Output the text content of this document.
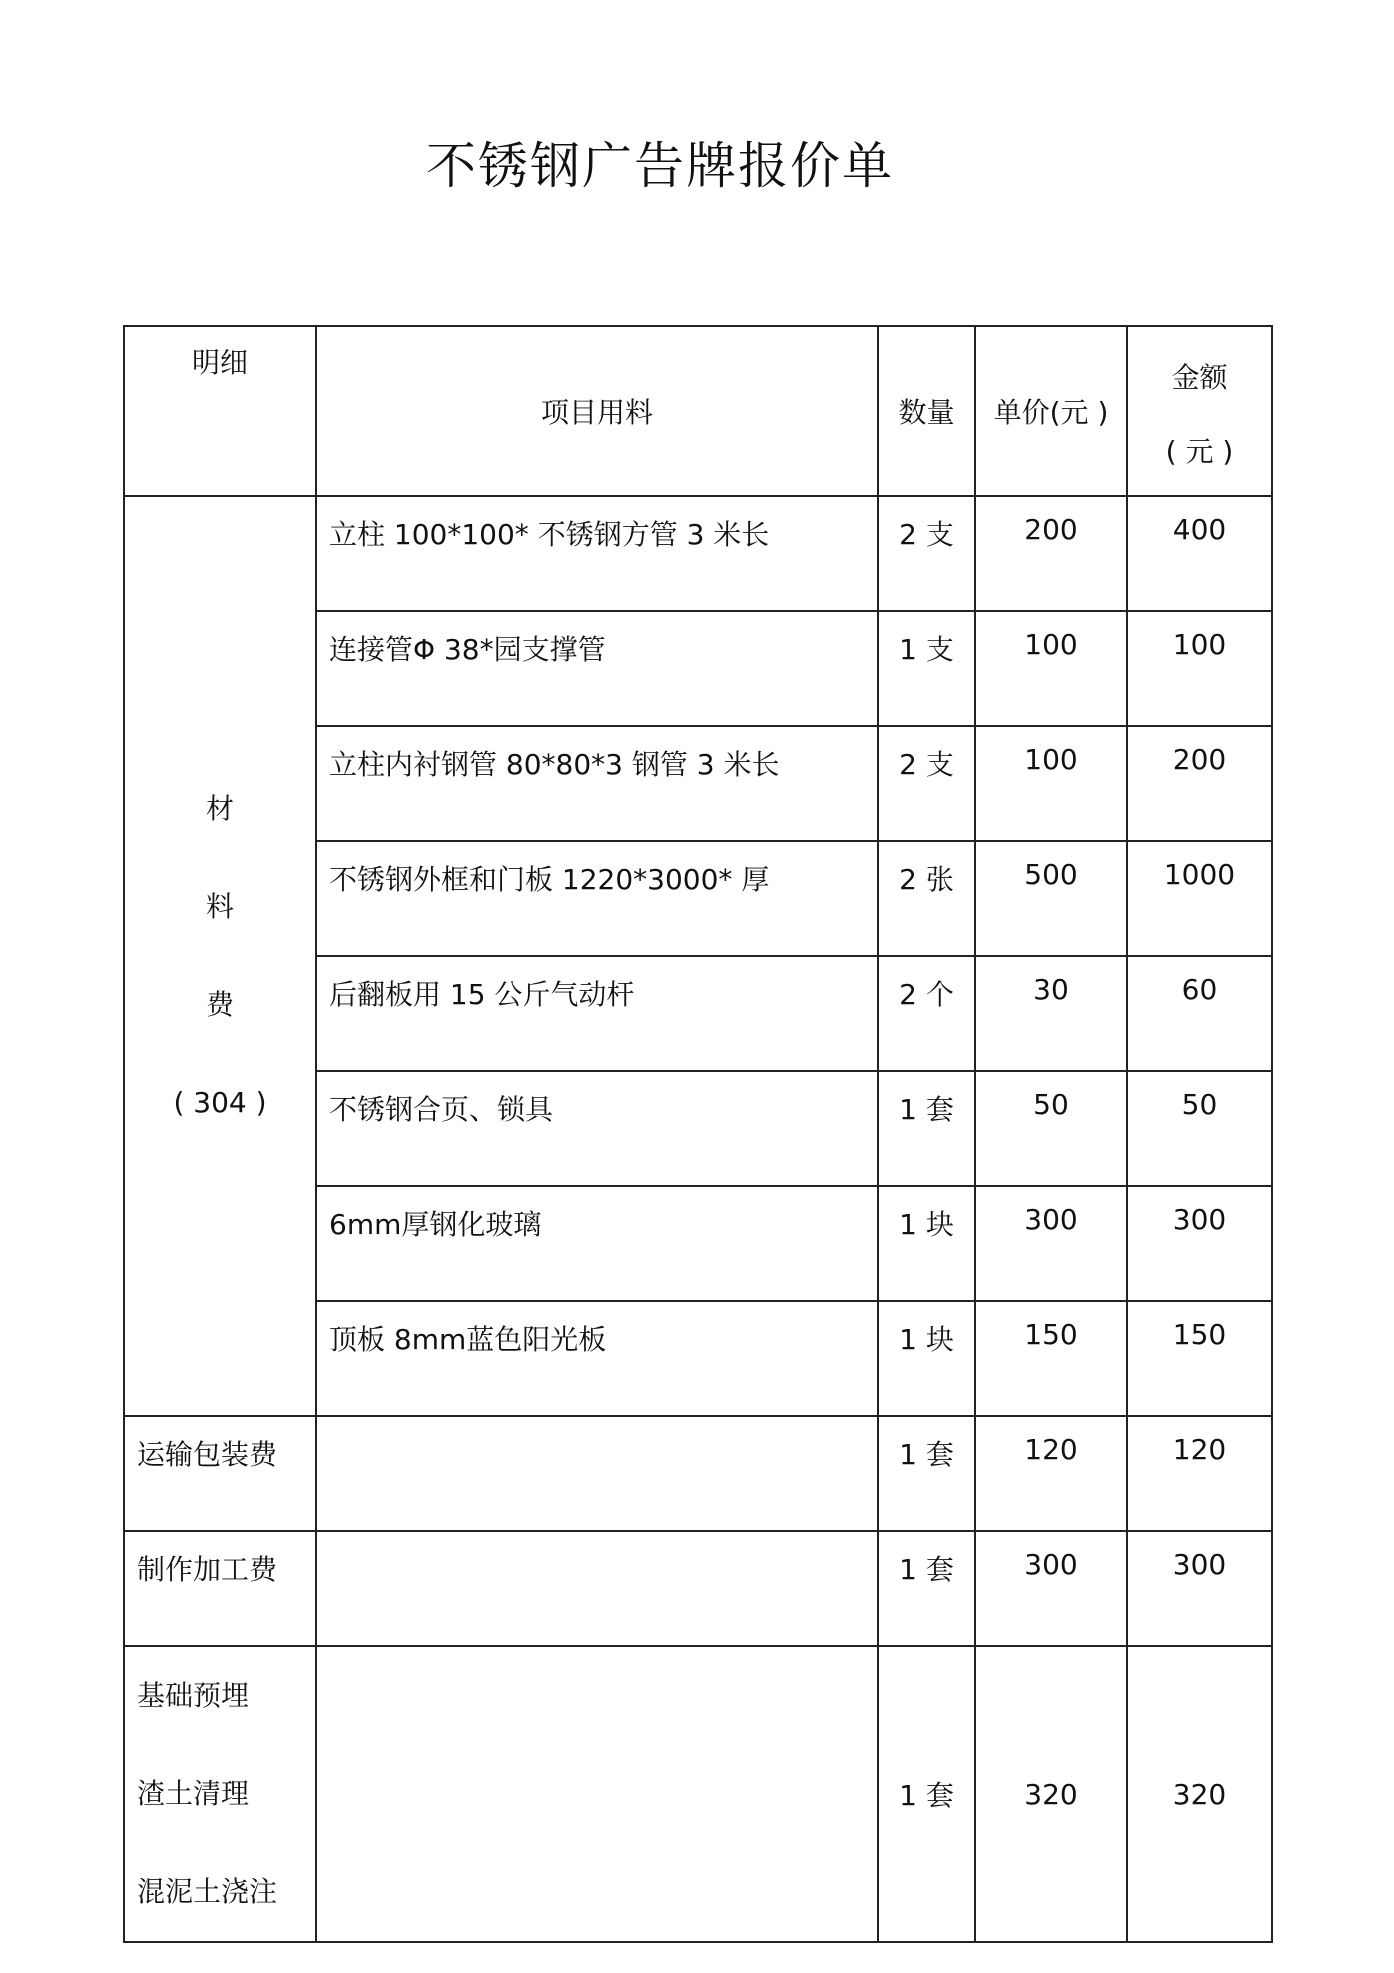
不锈钢广告牌报价单
明细	项目用料	数量	单价(元 )	金额
( 元 )

材
料
费
( 304 )	立柱 100*100* 不锈钢方管 3 米长	2 支	200	400
	连接管Φ 38*园支撑管	1 支	100	100
	立柱内衬钢管 80*80*3 钢管 3 米长	2 支	100	200
	不锈钢外框和门板 1220*3000* 厚	2 张	500	1000
	后翻板用 15 公斤气动杆	2 个	30	60
	不锈钢合页、锁具	1 套	50	50
	6mm厚钢化玻璃	1 块	300	300
	顶板 8mm蓝色阳光板	1 块	150	150
运输包装费		1 套	120	120
制作加工费		1 套	300	300

基础预埋
渣土清理
混泥土浇注		1 套	320	320
